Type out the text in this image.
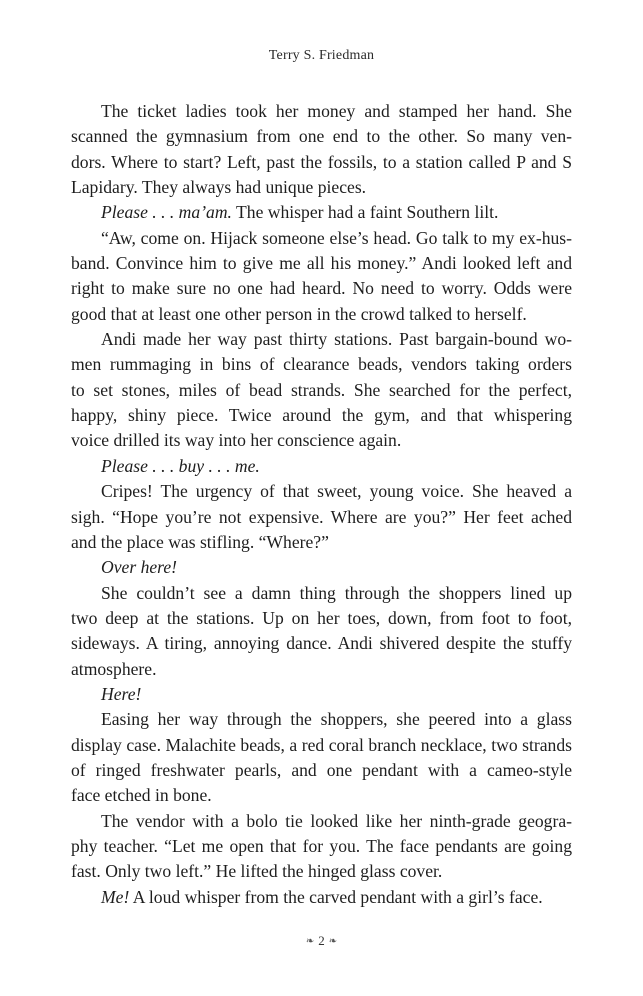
Terry S. Friedman
The ticket ladies took her money and stamped her hand. She
scanned the gymnasium from one end to the other. So many ven-
dors. Where to start? Left, past the fossils, to a station called P and S
Lapidary. They always had unique pieces.
Please . . . ma’am. The whisper had a faint Southern lilt.
“Aw, come on. Hijack someone else’s head. Go talk to my ex-hus-
band. Convince him to give me all his money.” Andi looked left and
right to make sure no one had heard. No need to worry. Odds were
good that at least one other person in the crowd talked to herself.
Andi made her way past thirty stations. Past bargain-bound wo-
men rummaging in bins of clearance beads, vendors taking orders
to set stones, miles of bead strands. She searched for the perfect,
happy, shiny piece. Twice around the gym, and that whispering
voice drilled its way into her conscience again.
Please . . . buy . . . me.
Cripes! The urgency of that sweet, young voice. She heaved a
sigh. “Hope you’re not expensive. Where are you?” Her feet ached
and the place was stifling. “Where?”
Over here!
She couldn’t see a damn thing through the shoppers lined up
two deep at the stations. Up on her toes, down, from foot to foot,
sideways. A tiring, annoying dance. Andi shivered despite the stuffy
atmosphere.
Here!
Easing her way through the shoppers, she peered into a glass
display case. Malachite beads, a red coral branch necklace, two strands
of ringed freshwater pearls, and one pendant with a cameo-style
face etched in bone.
The vendor with a bolo tie looked like her ninth-grade geogra-
phy teacher. “Let me open that for you. The face pendants are going
fast. Only two left.” He lifted the hinged glass cover.
Me! A loud whisper from the carved pendant with a girl’s face.
❧ 2 ❧
